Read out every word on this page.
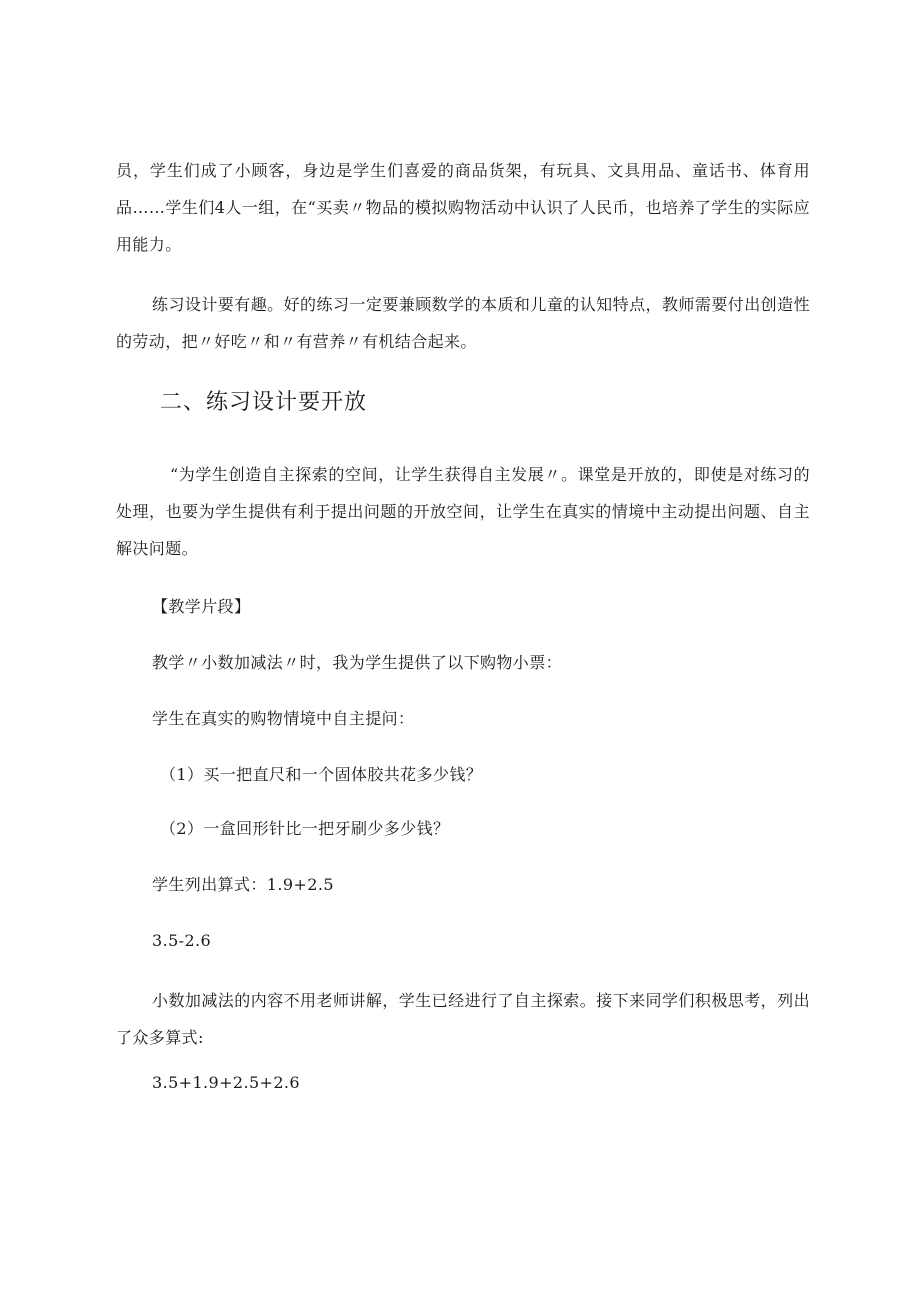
员，学生们成了小顾客，身边是学生们喜爱的商品货架，有玩具、文具用品、童话书、体育用品……学生们4人一组，在“买卖〃物品的模拟购物活动中认识了人民币，也培养了学生的实际应用能力。

练习设计要有趣。好的练习一定要兼顾数学的本质和儿童的认知特点，教师需要付出创造性的劳动，把〃好吃〃和〃有营养〃有机结合起来。

二、练习设计要开放

“为学生创造自主探索的空间，让学生获得自主发展〃。课堂是开放的，即使是对练习的处理，也要为学生提供有利于提出问题的开放空间，让学生在真实的情境中主动提出问题、自主解决问题。

【教学片段】

教学〃小数加减法〃时，我为学生提供了以下购物小票：

学生在真实的购物情境中自主提问：

（1）买一把直尺和一个固体胶共花多少钱？

（2）一盒回形针比一把牙刷少多少钱？

学生列出算式：1.9+2.5

3.5-2.6

小数加减法的内容不用老师讲解，学生已经进行了自主探索。接下来同学们积极思考，列出了众多算式:

3.5+1.9+2.5+2.6
